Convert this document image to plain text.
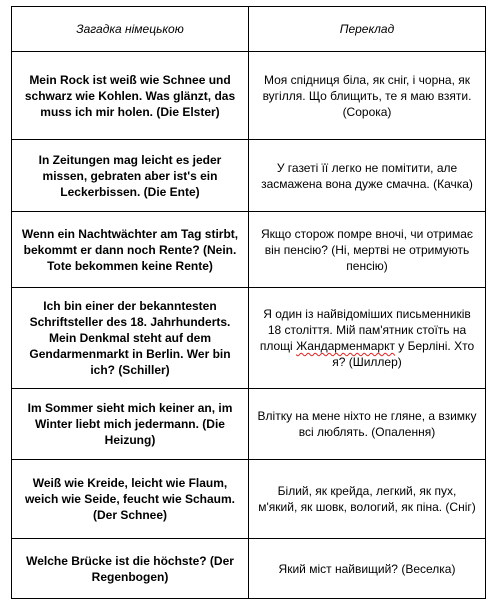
Загадка німецькою	Переклад
Mein Rock ist weiß wie Schnee und schwarz wie Kohlen. Was glänzt, das muss ich mir holen. (Die Elster)	Моя спідниця біла, як сніг, і чорна, як вугілля. Що блищить, те я маю взяти. (Сорока)
In Zeitungen mag leicht es jeder missen, gebraten aber ist's ein Leckerbissen. (Die Ente)	У газеті її легко не помітити, але засмажена вона дуже смачна. (Качка)
Wenn ein Nachtwächter am Tag stirbt, bekommt er dann noch Rente? (Nein. Tote bekommen keine Rente)	Якщо сторож помре вночі, чи отримає він пенсію? (Ні, мертві не отримують пенсію)
Ich bin einer der bekanntesten Schriftsteller des 18. Jahrhunderts. Mein Denkmal steht auf dem Gendarmenmarkt in Berlin. Wer bin ich? (Schiller)	Я один із найвідоміших письменників 18 століття. Мій пам'ятник стоїть на площі Жандарменмаркт у Берліні. Хто я? (Шиллер)
Im Sommer sieht mich keiner an, im Winter liebt mich jedermann. (Die Heizung)	Влітку на мене ніхто не гляне, а взимку всі люблять. (Опалення)
Weiß wie Kreide, leicht wie Flaum, weich wie Seide, feucht wie Schaum. (Der Schnee)	Білий, як крейда, легкий, як пух, м'який, як шовк, вологий, як піна. (Сніг)
Welche Brücke ist die höchste? (Der Regenbogen)	Який міст найвищий? (Веселка)
